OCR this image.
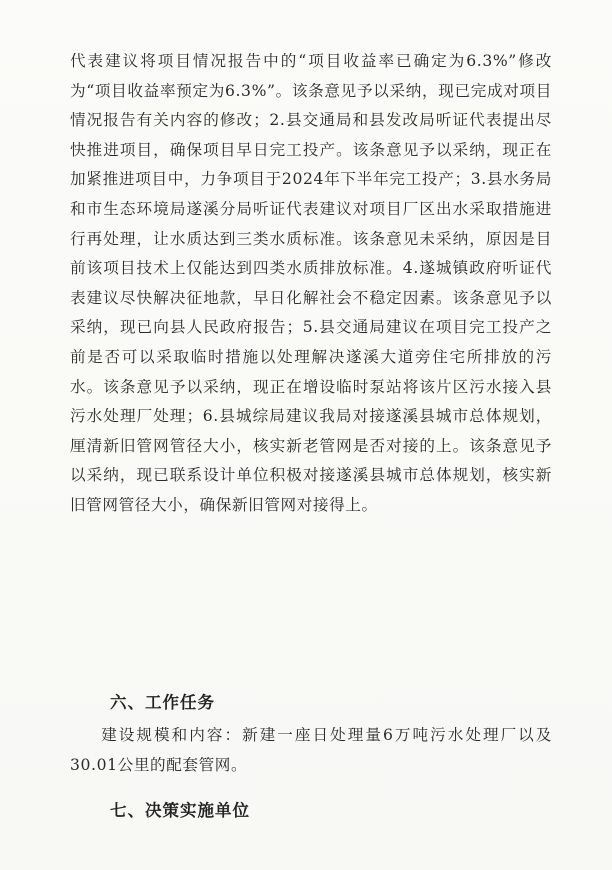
代表建议将项目情况报告中的“项目收益率已确定为6.3%”修改为“项目收益率预定为6.3%”。该条意见予以采纳，现已完成对项目情况报告有关内容的修改；2.县交通局和县发改局听证代表提出尽快推进项目，确保项目早日完工投产。该条意见予以采纳，现正在加紧推进项目中，力争项目于2024年下半年完工投产；3.县水务局和市生态环境局遂溪分局听证代表建议对项目厂区出水采取措施进行再处理，让水质达到三类水质标准。该条意见未采纳，原因是目前该项目技术上仅能达到四类水质排放标准。4.遂城镇政府听证代表建议尽快解决征地款，早日化解社会不稳定因素。该条意见予以采纳，现已向县人民政府报告；5.县交通局建议在项目完工投产之前是否可以采取临时措施以处理解决遂溪大道旁住宅所排放的污水。该条意见予以采纳，现正在增设临时泵站将该片区污水接入县污水处理厂处理；6.县城综局建议我局对接遂溪县城市总体规划，厘清新旧管网管径大小，核实新老管网是否对接的上。该条意见予以采纳，现已联系设计单位积极对接遂溪县城市总体规划，核实新旧管网管径大小，确保新旧管网对接得上。

六、工作任务

建设规模和内容：新建一座日处理量6万吨污水处理厂以及30.01公里的配套管网。

七、决策实施单位
